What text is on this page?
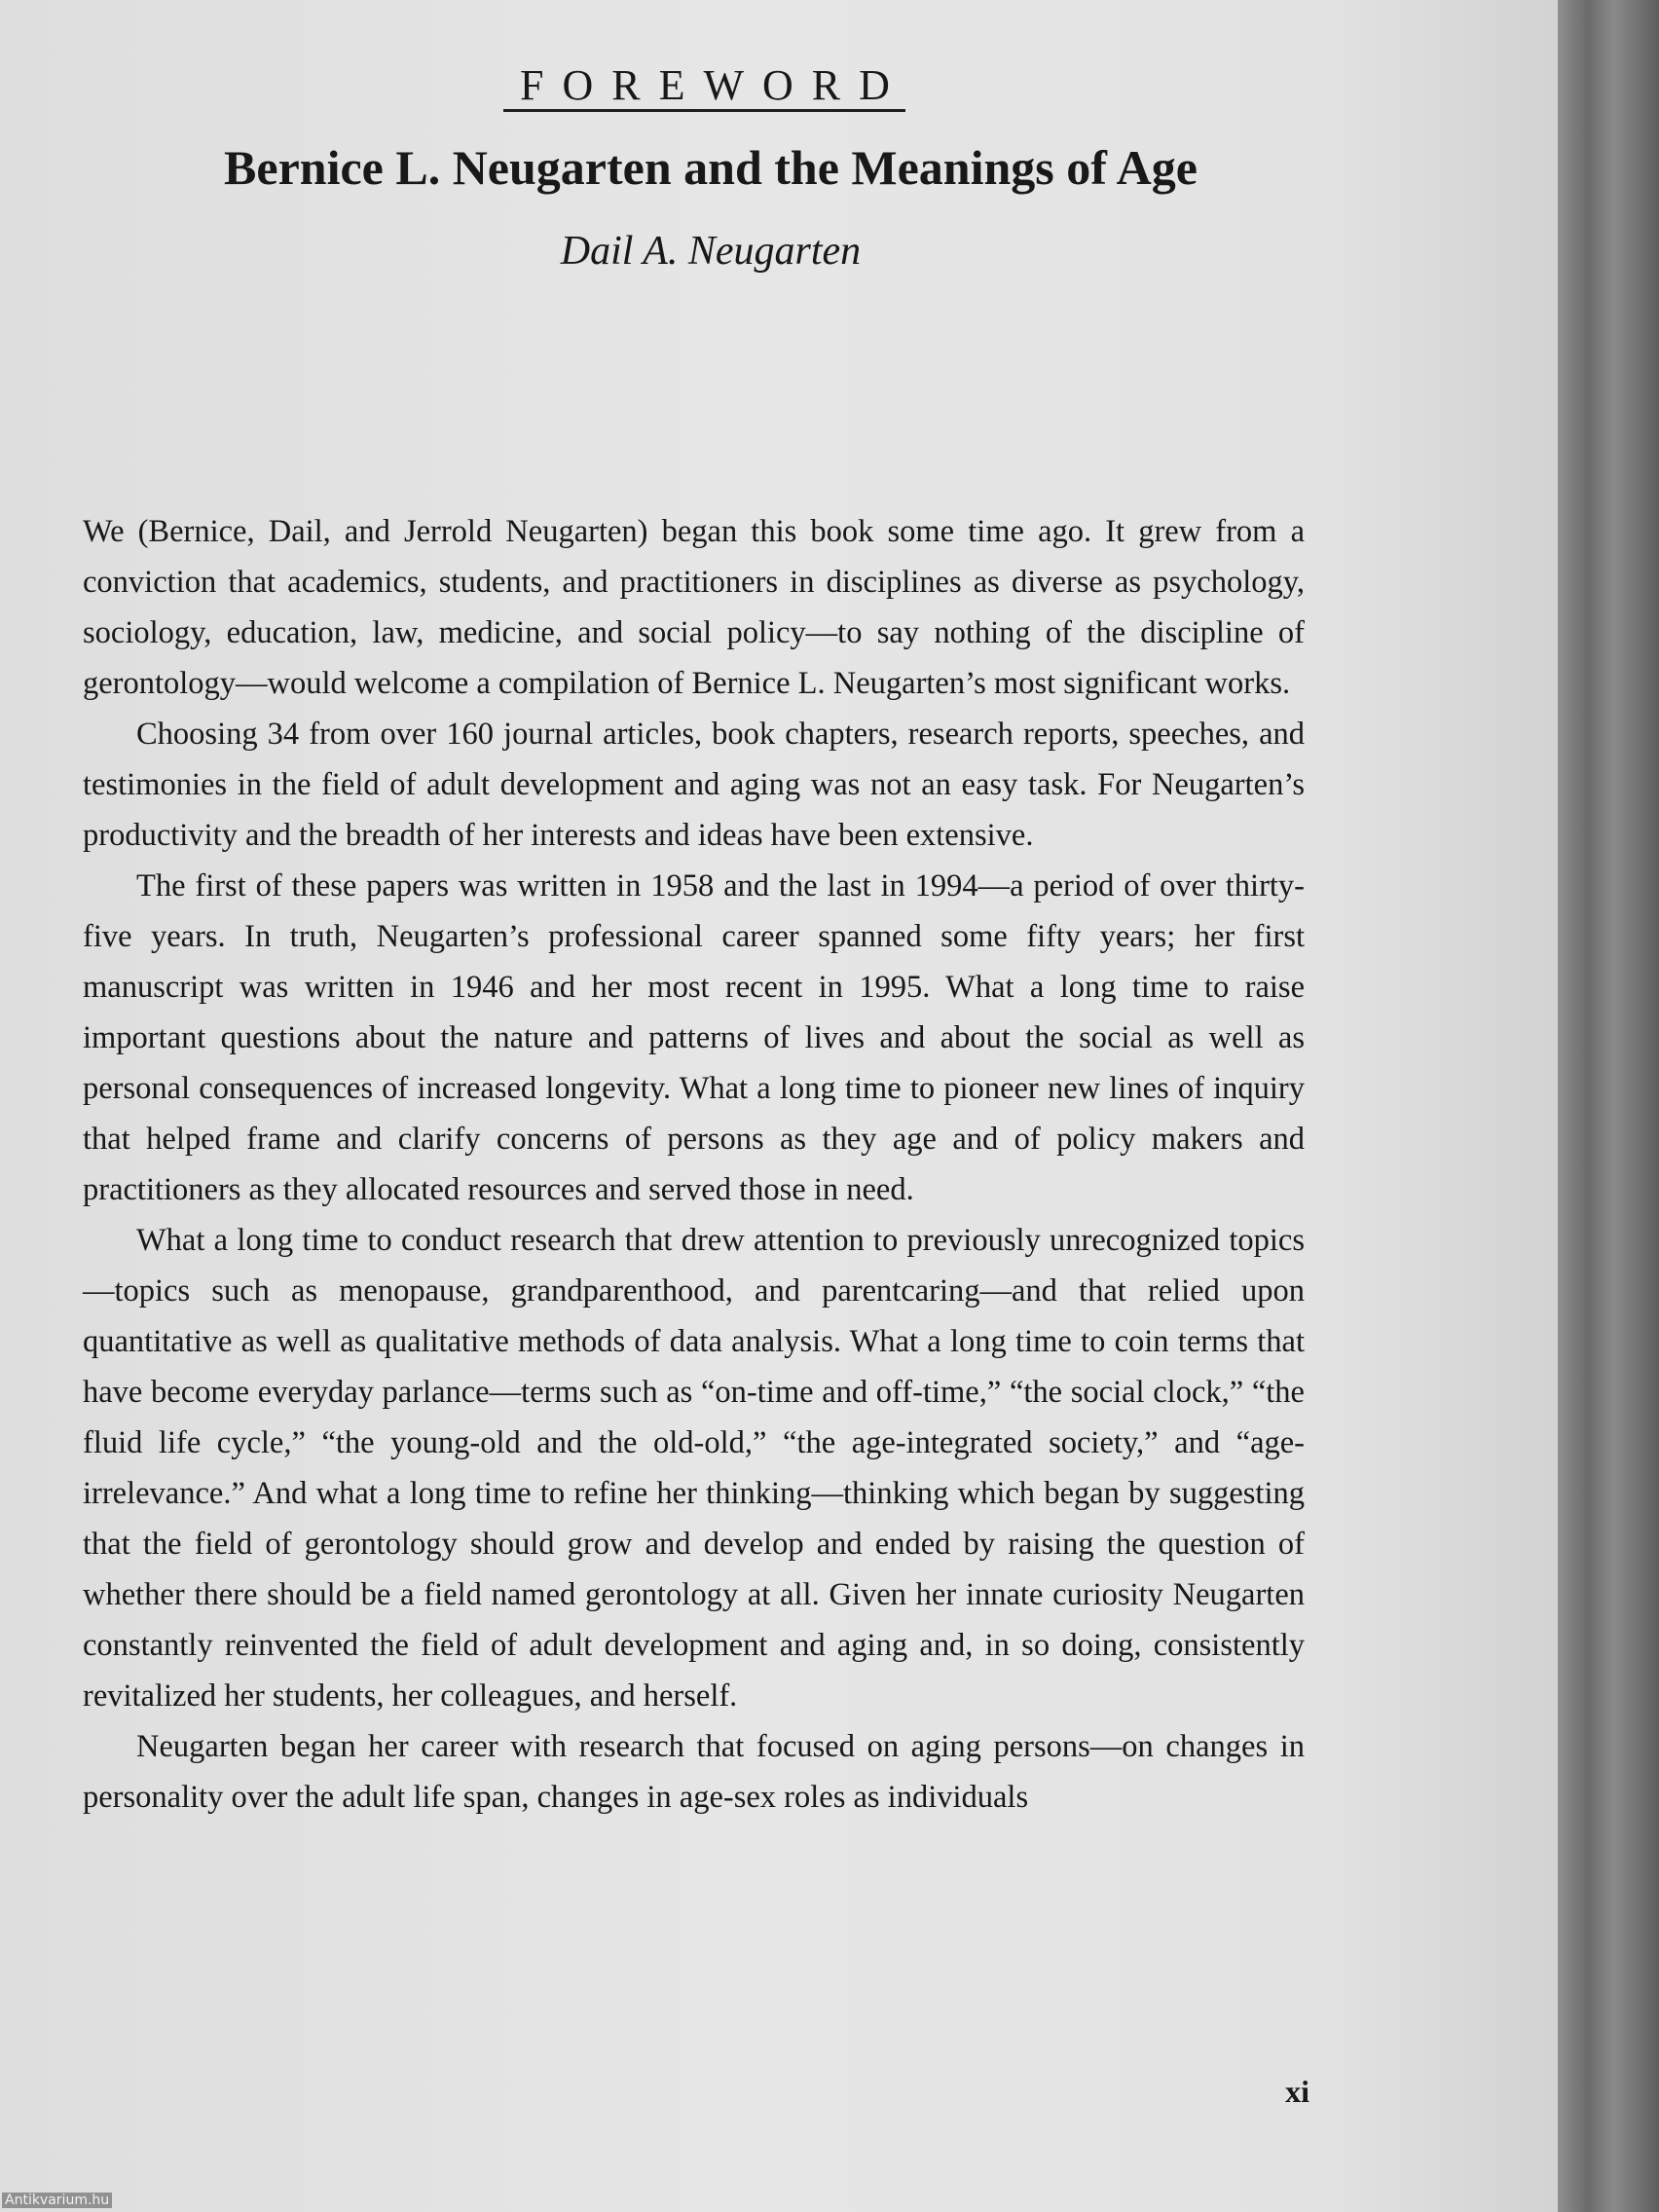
FOREWORD
Bernice L. Neugarten and the Meanings of Age
Dail A. Neugarten

We (Bernice, Dail, and Jerrold Neugarten) began this book some time ago. It grew from a conviction that academics, students, and practitioners in disciplines as diverse as psychology, sociology, education, law, medicine, and social policy—to say nothing of the discipline of gerontology—would welcome a compilation of Bernice L. Neugarten’s most significant works.

Choosing 34 from over 160 journal articles, book chapters, research reports, speeches, and testimonies in the field of adult development and aging was not an easy task. For Neugarten’s productivity and the breadth of her interests and ideas have been extensive.

The first of these papers was written in 1958 and the last in 1994—a period of over thirty-five years. In truth, Neugarten’s professional career spanned some fifty years; her first manuscript was written in 1946 and her most recent in 1995. What a long time to raise important questions about the nature and patterns of lives and about the social as well as personal consequences of increased longevity. What a long time to pioneer new lines of inquiry that helped frame and clarify concerns of persons as they age and of policy makers and practitioners as they allocated resources and served those in need.

What a long time to conduct research that drew attention to previously unrecognized topics—topics such as menopause, grandparenthood, and parentcaring—and that relied upon quantitative as well as qualitative methods of data analysis. What a long time to coin terms that have become everyday parlance—terms such as “on-time and off-time,” “the social clock,” “the fluid life cycle,” “the young-old and the old-old,” “the age-integrated society,” and “age-irrelevance.” And what a long time to refine her thinking—thinking which began by suggesting that the field of gerontology should grow and develop and ended by raising the question of whether there should be a field named gerontology at all. Given her innate curiosity Neugarten constantly reinvented the field of adult development and aging and, in so doing, consistently revitalized her students, her colleagues, and herself.

Neugarten began her career with research that focused on aging persons—on changes in personality over the adult life span, changes in age-sex roles as individuals

xi
Antikvarium.hu
